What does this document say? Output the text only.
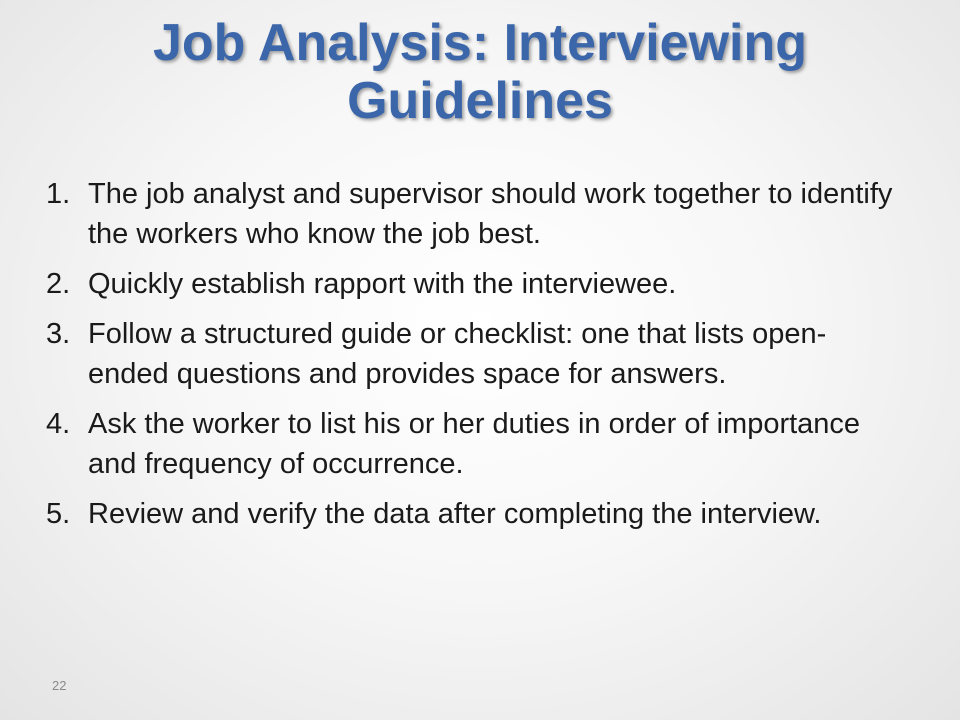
Job Analysis: Interviewing Guidelines
1. The job analyst and supervisor should work together to identify the workers who know the job best.
2. Quickly establish rapport with the interviewee.
3. Follow a structured guide or checklist: one that lists open-ended questions and provides space for answers.
4. Ask the worker to list his or her duties in order of importance and frequency of occurrence.
5. Review and verify the data after completing the interview.
22
